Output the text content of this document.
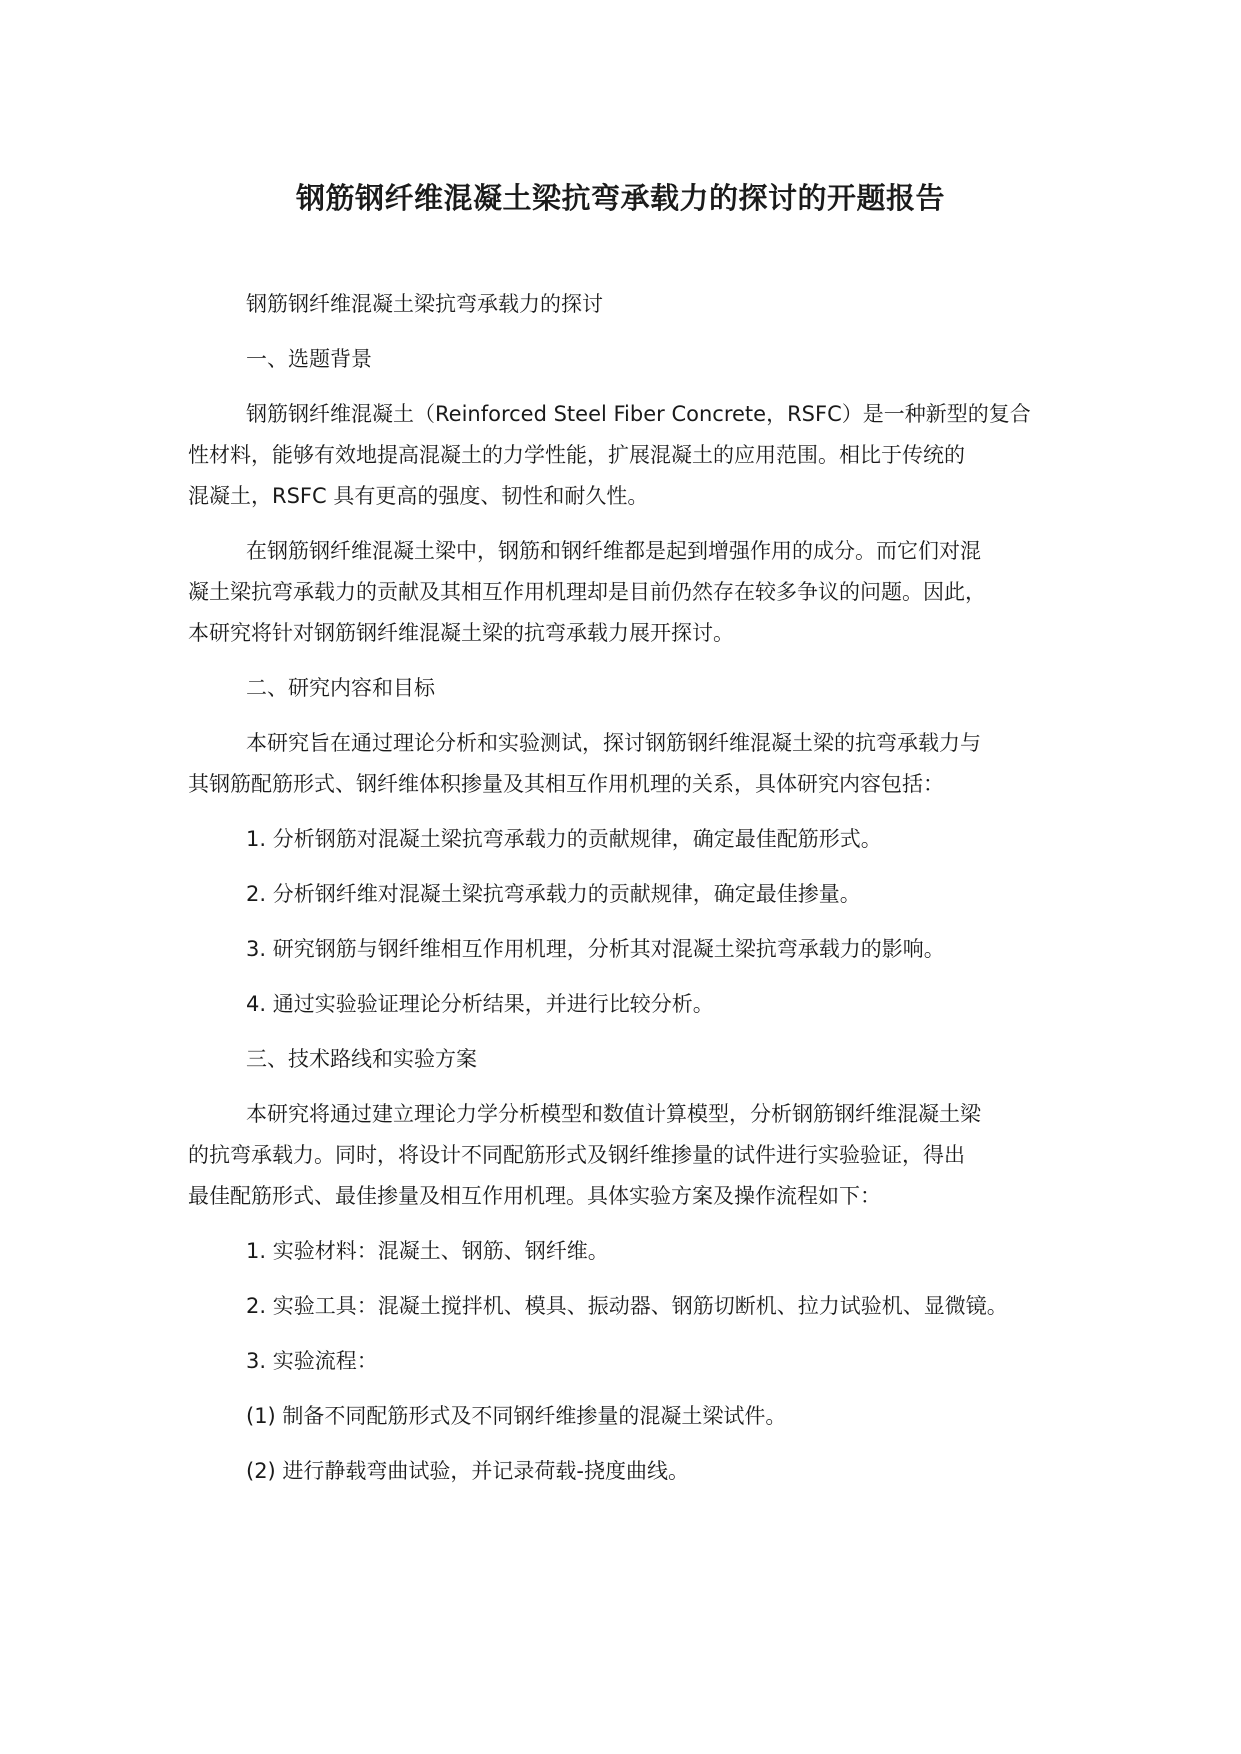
钢筋钢纤维混凝土梁抗弯承载力的探讨的开题报告

钢筋钢纤维混凝土梁抗弯承载力的探讨

一、选题背景

钢筋钢纤维混凝土（Reinforced Steel Fiber Concrete，RSFC）是一种新型的复合
性材料，能够有效地提高混凝土的力学性能，扩展混凝土的应用范围。相比于传统的
混凝土，RSFC 具有更高的强度、韧性和耐久性。

在钢筋钢纤维混凝土梁中，钢筋和钢纤维都是起到增强作用的成分。而它们对混
凝土梁抗弯承载力的贡献及其相互作用机理却是目前仍然存在较多争议的问题。因此，
本研究将针对钢筋钢纤维混凝土梁的抗弯承载力展开探讨。

二、研究内容和目标

本研究旨在通过理论分析和实验测试，探讨钢筋钢纤维混凝土梁的抗弯承载力与
其钢筋配筋形式、钢纤维体积掺量及其相互作用机理的关系，具体研究内容包括：

1. 分析钢筋对混凝土梁抗弯承载力的贡献规律，确定最佳配筋形式。

2. 分析钢纤维对混凝土梁抗弯承载力的贡献规律，确定最佳掺量。

3. 研究钢筋与钢纤维相互作用机理，分析其对混凝土梁抗弯承载力的影响。

4. 通过实验验证理论分析结果，并进行比较分析。

三、技术路线和实验方案

本研究将通过建立理论力学分析模型和数值计算模型，分析钢筋钢纤维混凝土梁
的抗弯承载力。同时，将设计不同配筋形式及钢纤维掺量的试件进行实验验证，得出
最佳配筋形式、最佳掺量及相互作用机理。具体实验方案及操作流程如下：

1. 实验材料：混凝土、钢筋、钢纤维。

2. 实验工具：混凝土搅拌机、模具、振动器、钢筋切断机、拉力试验机、显微镜。

3. 实验流程：

(1) 制备不同配筋形式及不同钢纤维掺量的混凝土梁试件。

(2) 进行静载弯曲试验，并记录荷载-挠度曲线。
